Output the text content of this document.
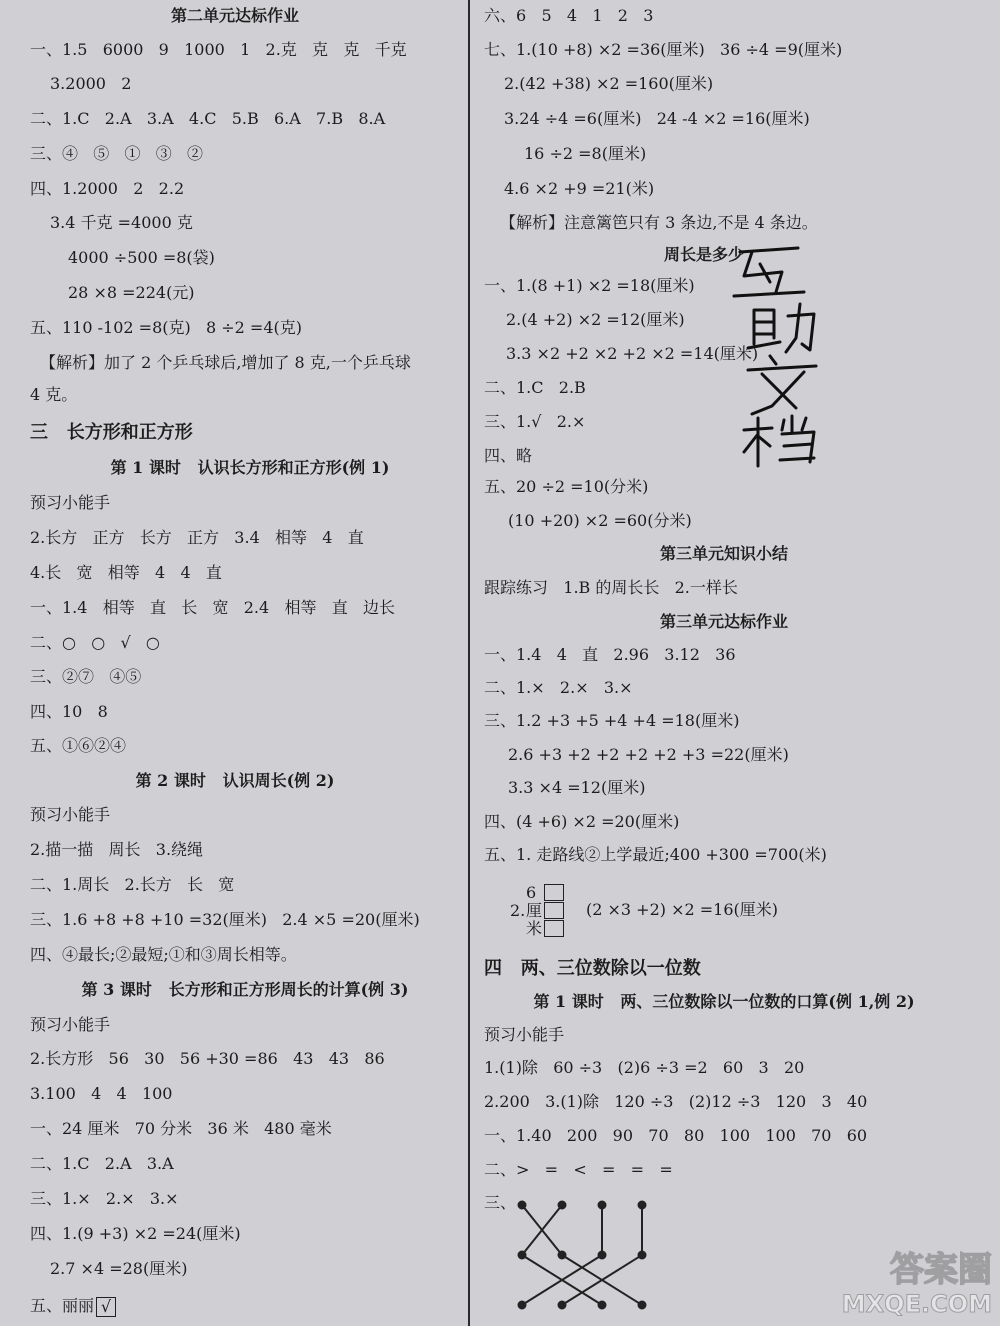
第二单元达标作业
一、1.5   6000   9   1000   1   2.克   克   克   千克
3.2000   2
二、1.C   2.A   3.A   4.C   5.B   6.A   7.B   8.A
三、④   ⑤   ①   ③   ②
四、1.2000   2   2.2
3.4 千克 =4000 克
4000 ÷500 =8(袋)
28 ×8 =224(元)
五、110 -102 =8(克)   8 ÷2 =4(克)
【解析】加了 2 个乒乓球后,增加了 8 克,一个乒乓球
4 克。
三   长方形和正方形
第 1 课时   认识长方形和正方形(例 1)
预习小能手
2.长方   正方   长方   正方   3.4   相等   4   直
4.长   宽   相等   4   4   直
一、1.4   相等   直   长   宽   2.4   相等   直   边长
二、○   ○   √   ○
三、②⑦   ④⑤
四、10   8
五、①⑥②④
第 2 课时   认识周长(例 2)
预习小能手
2.描一描   周长   3.绕绳
二、1.周长   2.长方   长   宽
三、1.6 +8 +8 +10 =32(厘米)   2.4 ×5 =20(厘米)
四、④最长;②最短;①和③周长相等。
第 3 课时   长方形和正方形周长的计算(例 3)
预习小能手
2.长方形   56   30   56 +30 =86   43   43   86
3.100   4   4   100
一、24 厘米   70 分米   36 米   480 毫米
二、1.C   2.A   3.A
三、1.×   2.×   3.×
四、1.(9 +3) ×2 =24(厘米)
2.7 ×4 =28(厘米)
五、丽丽 √
六、6   5   4   1   2   3
七、1.(10 +8) ×2 =36(厘米)   36 ÷4 =9(厘米)
2.(42 +38) ×2 =160(厘米)
3.24 ÷4 =6(厘米)   24 -4 ×2 =16(厘米)
16 ÷2 =8(厘米)
4.6 ×2 +9 =21(米)
【解析】注意篱笆只有 3 条边,不是 4 条边。
周长是多少
一、1.(8 +1) ×2 =18(厘米)
2.(4 +2) ×2 =12(厘米)
3.3 ×2 +2 ×2 +2 ×2 =14(厘米)
二、1.C   2.B
三、1.√   2.×
四、略
五、20 ÷2 =10(分米)
(10 +20) ×2 =60(分米)
第三单元知识小结
跟踪练习   1.B 的周长长   2.一样长
第三单元达标作业
一、1.4   4   直   2.96   3.12   36
二、1.×   2.×   3.×
三、1.2 +3 +5 +4 +4 =18(厘米)
2.6 +3 +2 +2 +2 +2 +3 =22(厘米)
3.3 ×4 =12(厘米)
四、(4 +6) ×2 =20(厘米)
五、1. 走路线②上学最近;400 +300 =700(米)
6
2. 厘
米
(2 ×3 +2) ×2 =16(厘米)
四   两、三位数除以一位数
第 1 课时   两、三位数除以一位数的口算(例 1,例 2)
预习小能手
1.(1)除   60 ÷3   (2)6 ÷3 =2   60   3   20
2.200   3.(1)除   120 ÷3   (2)12 ÷3   120   3   40
一、1.40   200   90   70   80   100   100   70   60
二、>   =   <   =   =   =
三、
答案圈
MXQE.COM
